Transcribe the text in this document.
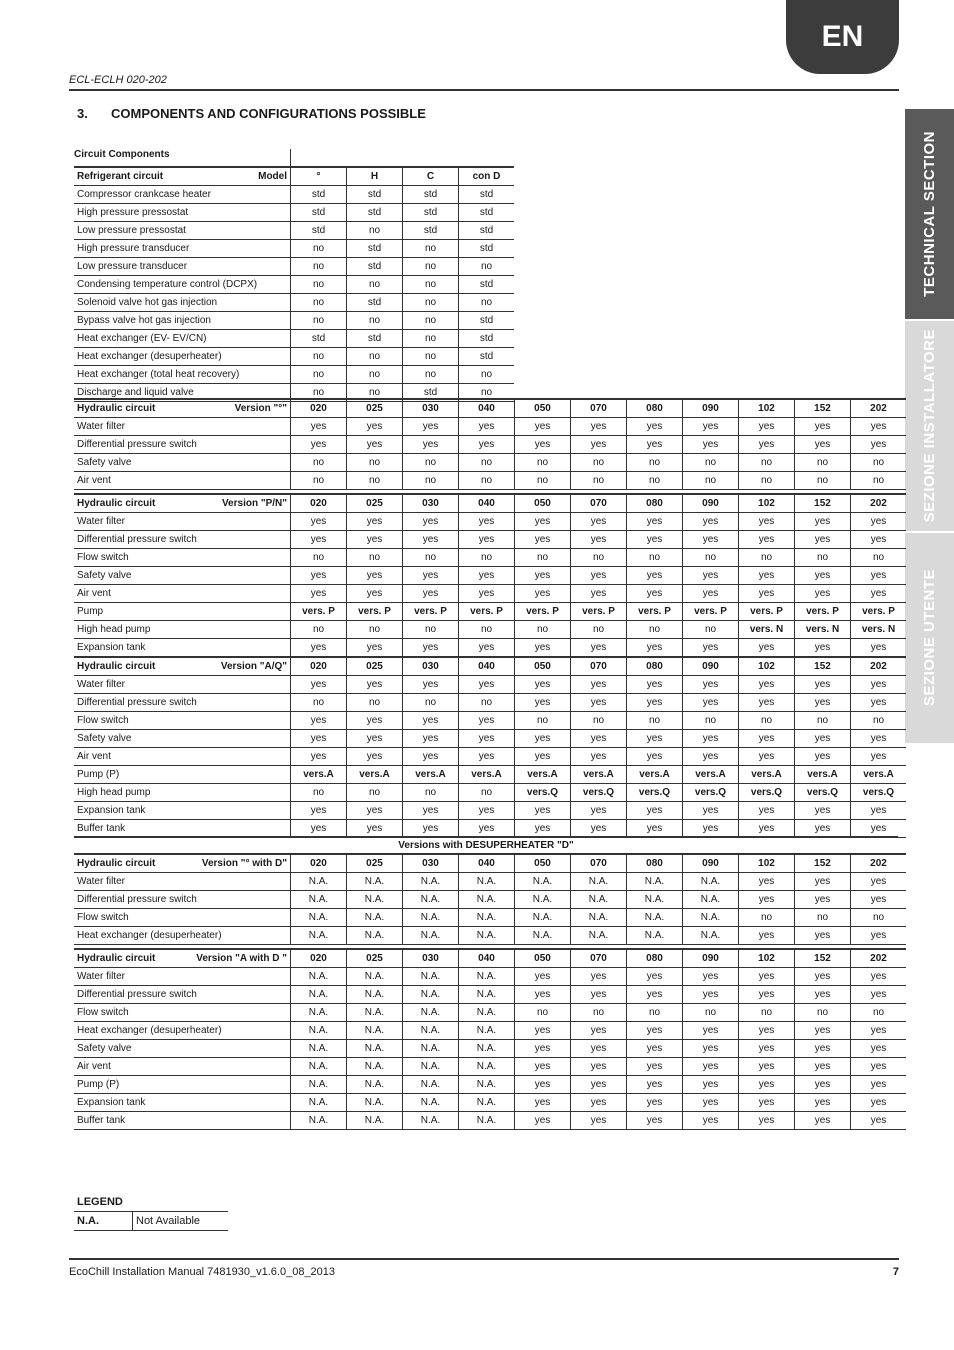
EN
ECL-ECLH 020-202
3. COMPONENTS AND CONFIGURATIONS POSSIBLE
TECHNICAL SECTION
SEZIONE INSTALLATORE
SEZIONE UTENTE
Circuit Components
Refrigerant circuit Model	°	H	C	con D
Compressor crankcase heater	std	std	std	std
High pressure pressostat	std	std	std	std
Low pressure pressostat	std	no	std	std
High pressure transducer	no	std	no	std
Low pressure transducer	no	std	no	no
Condensing temperature control (DCPX)	no	no	no	std
Solenoid valve hot gas injection	no	std	no	no
Bypass valve hot gas injection	no	no	no	std
Heat exchanger (EV- EV/CN)	std	std	no	std
Heat exchanger (desuperheater)	no	no	no	std
Heat exchanger (total heat recovery)	no	no	no	no
Discharge and liquid valve	no	no	std	no
Hydraulic circuit Version "°"	020	025	030	040	050	070	080	090	102	152	202
Water filter	yes	yes	yes	yes	yes	yes	yes	yes	yes	yes	yes
Differential pressure switch	yes	yes	yes	yes	yes	yes	yes	yes	yes	yes	yes
Safety valve	no	no	no	no	no	no	no	no	no	no	no
Air vent	no	no	no	no	no	no	no	no	no	no	no
Hydraulic circuit Version "P/N"	020	025	030	040	050	070	080	090	102	152	202
Water filter	yes	yes	yes	yes	yes	yes	yes	yes	yes	yes	yes
Differential pressure switch	yes	yes	yes	yes	yes	yes	yes	yes	yes	yes	yes
Flow switch	no	no	no	no	no	no	no	no	no	no	no
Safety valve	yes	yes	yes	yes	yes	yes	yes	yes	yes	yes	yes
Air vent	yes	yes	yes	yes	yes	yes	yes	yes	yes	yes	yes
Pump	vers. P	vers. P	vers. P	vers. P	vers. P	vers. P	vers. P	vers. P	vers. P	vers. P	vers. P
High head pump	no	no	no	no	no	no	no	no	vers. N	vers. N	vers. N
Expansion tank	yes	yes	yes	yes	yes	yes	yes	yes	yes	yes	yes
Hydraulic circuit Version "A/Q"	020	025	030	040	050	070	080	090	102	152	202
Water filter	yes	yes	yes	yes	yes	yes	yes	yes	yes	yes	yes
Differential pressure switch	no	no	no	no	yes	yes	yes	yes	yes	yes	yes
Flow switch	yes	yes	yes	yes	no	no	no	no	no	no	no
Safety valve	yes	yes	yes	yes	yes	yes	yes	yes	yes	yes	yes
Air vent	yes	yes	yes	yes	yes	yes	yes	yes	yes	yes	yes
Pump (P)	vers.A	vers.A	vers.A	vers.A	vers.A	vers.A	vers.A	vers.A	vers.A	vers.A	vers.A
High head pump	no	no	no	no	vers.Q	vers.Q	vers.Q	vers.Q	vers.Q	vers.Q	vers.Q
Expansion tank	yes	yes	yes	yes	yes	yes	yes	yes	yes	yes	yes
Buffer tank	yes	yes	yes	yes	yes	yes	yes	yes	yes	yes	yes
Versions with DESUPERHEATER "D"
Hydraulic circuit Version "° with D"	020	025	030	040	050	070	080	090	102	152	202
Water filter	N.A.	N.A.	N.A.	N.A.	N.A.	N.A.	N.A.	N.A.	yes	yes	yes
Differential pressure switch	N.A.	N.A.	N.A.	N.A.	N.A.	N.A.	N.A.	N.A.	yes	yes	yes
Flow switch	N.A.	N.A.	N.A.	N.A.	N.A.	N.A.	N.A.	N.A.	no	no	no
Heat exchanger (desuperheater)	N.A.	N.A.	N.A.	N.A.	N.A.	N.A.	N.A.	N.A.	yes	yes	yes
Hydraulic circuit Version "A with D "	020	025	030	040	050	070	080	090	102	152	202
Water filter	N.A.	N.A.	N.A.	N.A.	yes	yes	yes	yes	yes	yes	yes
Differential pressure switch	N.A.	N.A.	N.A.	N.A.	yes	yes	yes	yes	yes	yes	yes
Flow switch	N.A.	N.A.	N.A.	N.A.	no	no	no	no	no	no	no
Heat exchanger (desuperheater)	N.A.	N.A.	N.A.	N.A.	yes	yes	yes	yes	yes	yes	yes
Safety valve	N.A.	N.A.	N.A.	N.A.	yes	yes	yes	yes	yes	yes	yes
Air vent	N.A.	N.A.	N.A.	N.A.	yes	yes	yes	yes	yes	yes	yes
Pump (P)	N.A.	N.A.	N.A.	N.A.	yes	yes	yes	yes	yes	yes	yes
Expansion tank	N.A.	N.A.	N.A.	N.A.	yes	yes	yes	yes	yes	yes	yes
Buffer tank	N.A.	N.A.	N.A.	N.A.	yes	yes	yes	yes	yes	yes	yes
LEGEND
N.A.	Not Available
EcoChill Installation Manual 7481930_v1.6.0_08_2013	7
